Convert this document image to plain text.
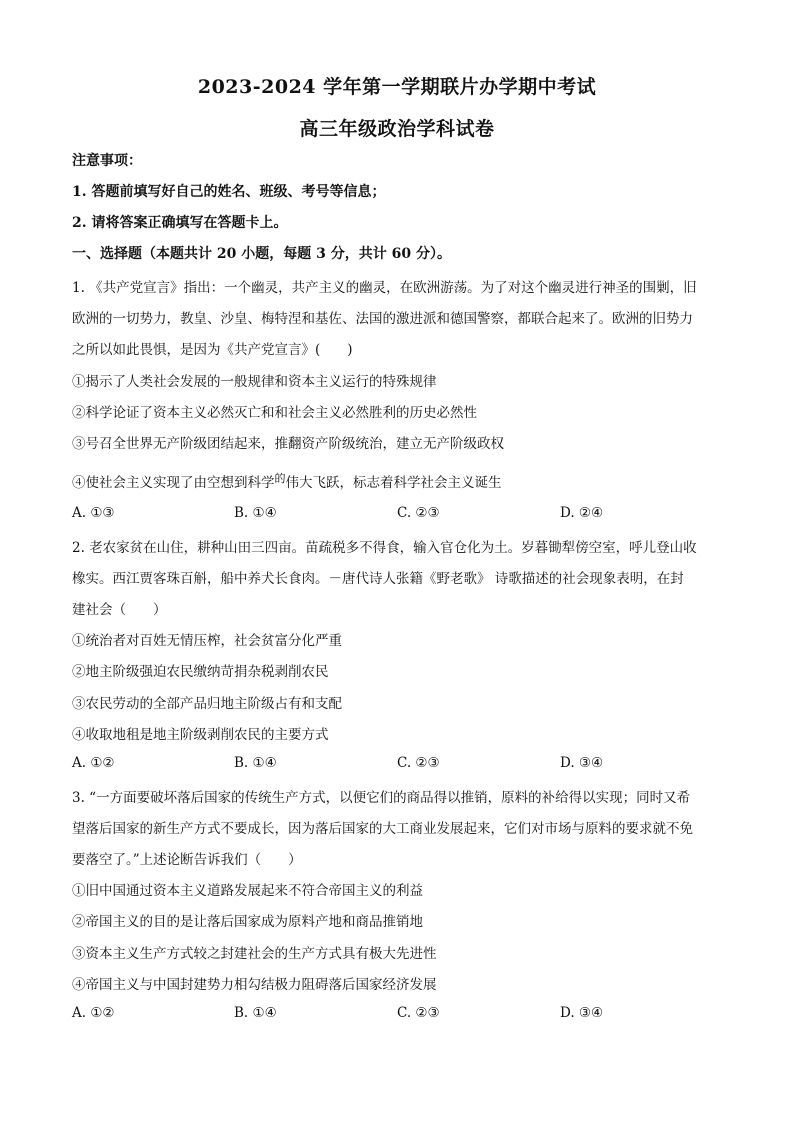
2023-2024 学年第一学期联片办学期中考试
高三年级政治学科试卷
注意事项：
1. 答题前填写好自己的姓名、班级、考号等信息；
2. 请将答案正确填写在答题卡上。
一、选择题（本题共计 20 小题，每题 3 分，共计 60 分）。
1. 《共产党宣言》指出：一个幽灵，共产主义的幽灵，在欧洲游荡。为了对这个幽灵进行神圣的围剿，旧
欧洲的一切势力，教皇、沙皇、梅特涅和基佐、法国的激进派和德国警察，都联合起来了。欧洲的旧势力
之所以如此畏惧，是因为《共产党宣言》(　　)
①揭示了人类社会发展的一般规律和资本主义运行的特殊规律
②科学论证了资本主义必然灭亡和和社会主义必然胜利的历史必然性
③号召全世界无产阶级团结起来，推翻资产阶级统治，建立无产阶级政权
④使社会主义实现了由空想到科学$^的$伟大飞跃，标志着科学社会主义诞生
A. ①③	B. ①④	C. ②③	D. ②④
2. 老农家贫在山住，耕种山田三四亩。苗疏税多不得食，输入官仓化为土。岁暮锄犁傍空室，呼儿登山收
橡实。西江贾客珠百斛，船中养犬长食肉。－唐代诗人张籍《野老歌》 诗歌描述的社会现象表明，在封
建社会（　　）
①统治者对百姓无情压榨，社会贫富分化严重
②地主阶级强迫农民缴纳苛捐杂税剥削农民
③农民劳动的全部产品归地主阶级占有和支配
④收取地租是地主阶级剥削农民的主要方式
A. ①②	B. ①④	C. ②③	D. ③④
3. “一方面要破坏落后国家的传统生产方式，以便它们的商品得以推销，原料的补给得以实现；同时又希
望落后国家的新生产方式不要成长，因为落后国家的大工商业发展起来，它们对市场与原料的要求就不免
要落空了。”上述论断告诉我们（　　）
①旧中国通过资本主义道路发展起来不符合帝国主义的利益
②帝国主义的目的是让落后国家成为原料产地和商品推销地
③资本主义生产方式较之封建社会的生产方式具有极大先进性
④帝国主义与中国封建势力相勾结极力阻碍落后国家经济发展
A. ①②	B. ①④	C. ②③	D. ③④
